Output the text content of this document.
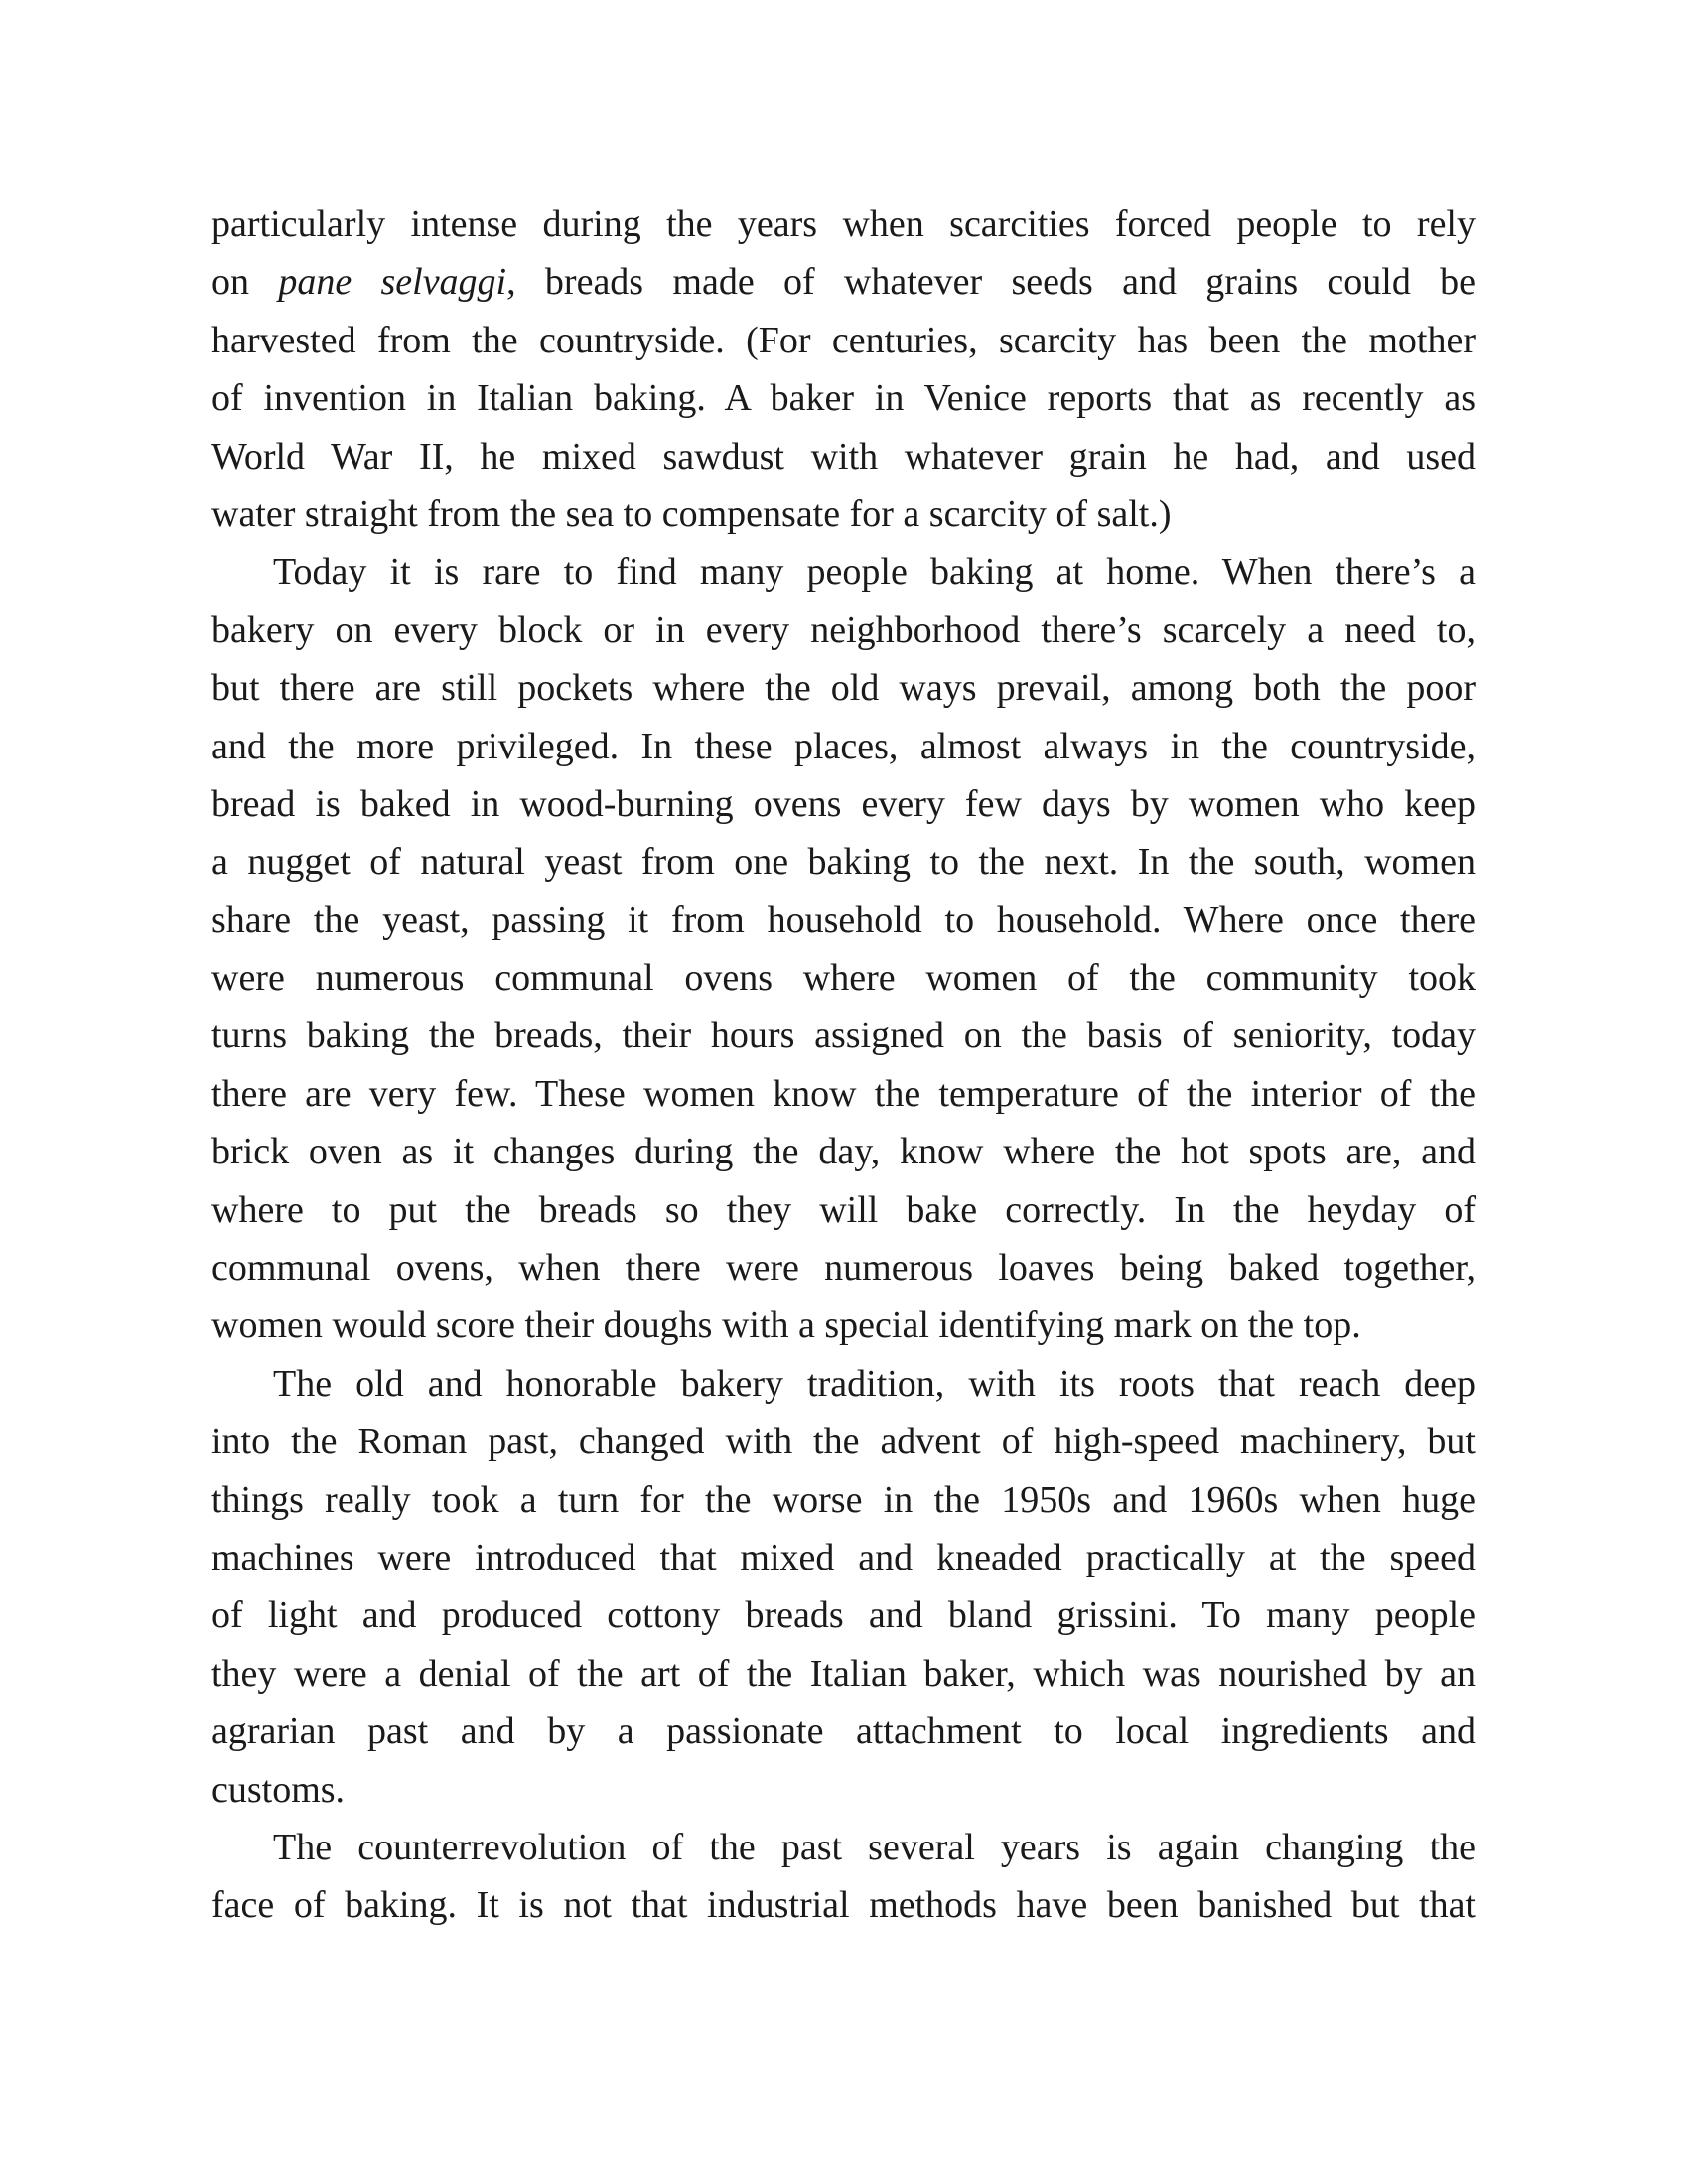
particularly intense during the years when scarcities forced people to rely
on pane selvaggi, breads made of whatever seeds and grains could be
harvested from the countryside. (For centuries, scarcity has been the mother
of invention in Italian baking. A baker in Venice reports that as recently as
World War II, he mixed sawdust with whatever grain he had, and used
water straight from the sea to compensate for a scarcity of salt.)
Today it is rare to find many people baking at home. When there’s a
bakery on every block or in every neighborhood there’s scarcely a need to,
but there are still pockets where the old ways prevail, among both the poor
and the more privileged. In these places, almost always in the countryside,
bread is baked in wood-burning ovens every few days by women who keep
a nugget of natural yeast from one baking to the next. In the south, women
share the yeast, passing it from household to household. Where once there
were numerous communal ovens where women of the community took
turns baking the breads, their hours assigned on the basis of seniority, today
there are very few. These women know the temperature of the interior of the
brick oven as it changes during the day, know where the hot spots are, and
where to put the breads so they will bake correctly. In the heyday of
communal ovens, when there were numerous loaves being baked together,
women would score their doughs with a special identifying mark on the top.
The old and honorable bakery tradition, with its roots that reach deep
into the Roman past, changed with the advent of high-speed machinery, but
things really took a turn for the worse in the 1950s and 1960s when huge
machines were introduced that mixed and kneaded practically at the speed
of light and produced cottony breads and bland grissini. To many people
they were a denial of the art of the Italian baker, which was nourished by an
agrarian past and by a passionate attachment to local ingredients and
customs.
The counterrevolution of the past several years is again changing the
face of baking. It is not that industrial methods have been banished but that
